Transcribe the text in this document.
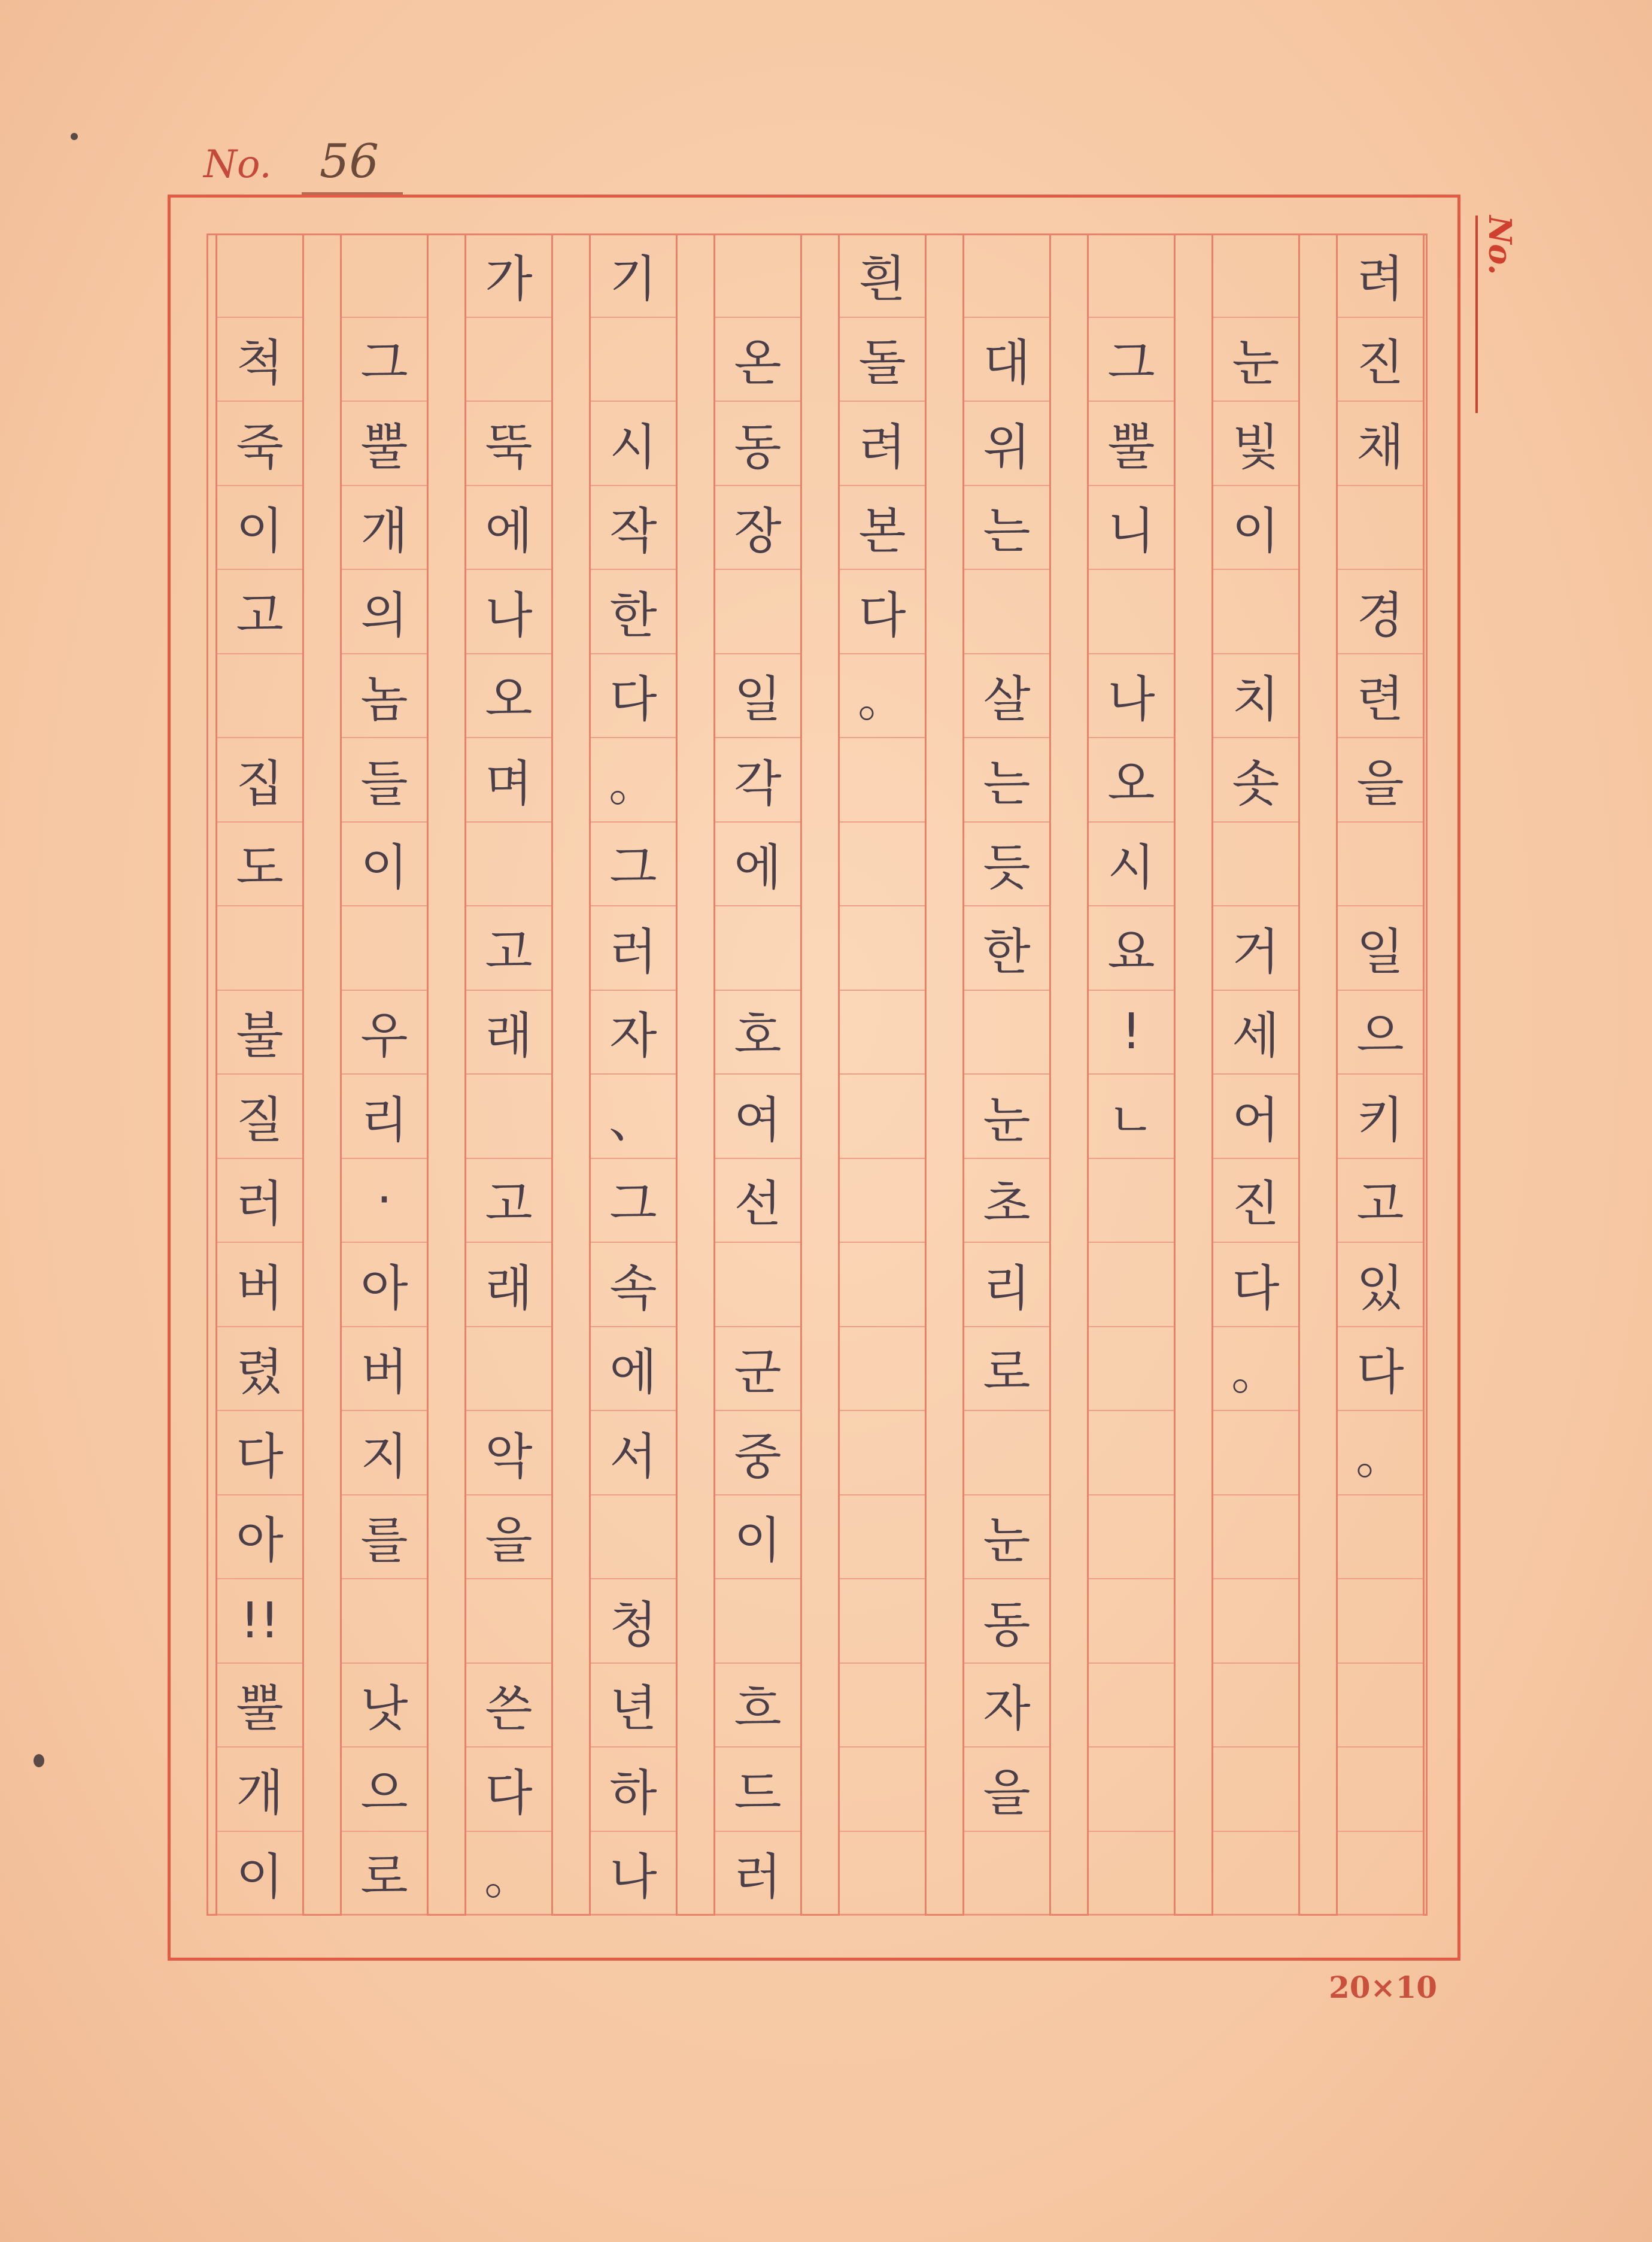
No. 56
No.
려
진
채
경
련
을
일
으
키
고
있
다
。
눈
빛
이
치
솟
거
세
어
진
다
。
그
뿔
니
나
오
시
요
!
ㄴ
대
위
는
살
는
듯
한
눈
초
리
로
눈
동
자
을
흰
돌
려
본
다
。
온
동
장
일
각
에
호
여
선
군
중
이
흐
드
러
기
시
작
한
다
。
그
러
자
、
그
속
에
서
청
년
하
나
가
뚝
에
나
오
며
고
래
고
래
악
을
쓴
다
。
그
뿔
개
의
놈
들
이
우
리
·
아
버
지
를
낫
으
로
척
죽
이
고
집
도
불
질
러
버
렸
다
아
!!
뿔
개
이
20×10
